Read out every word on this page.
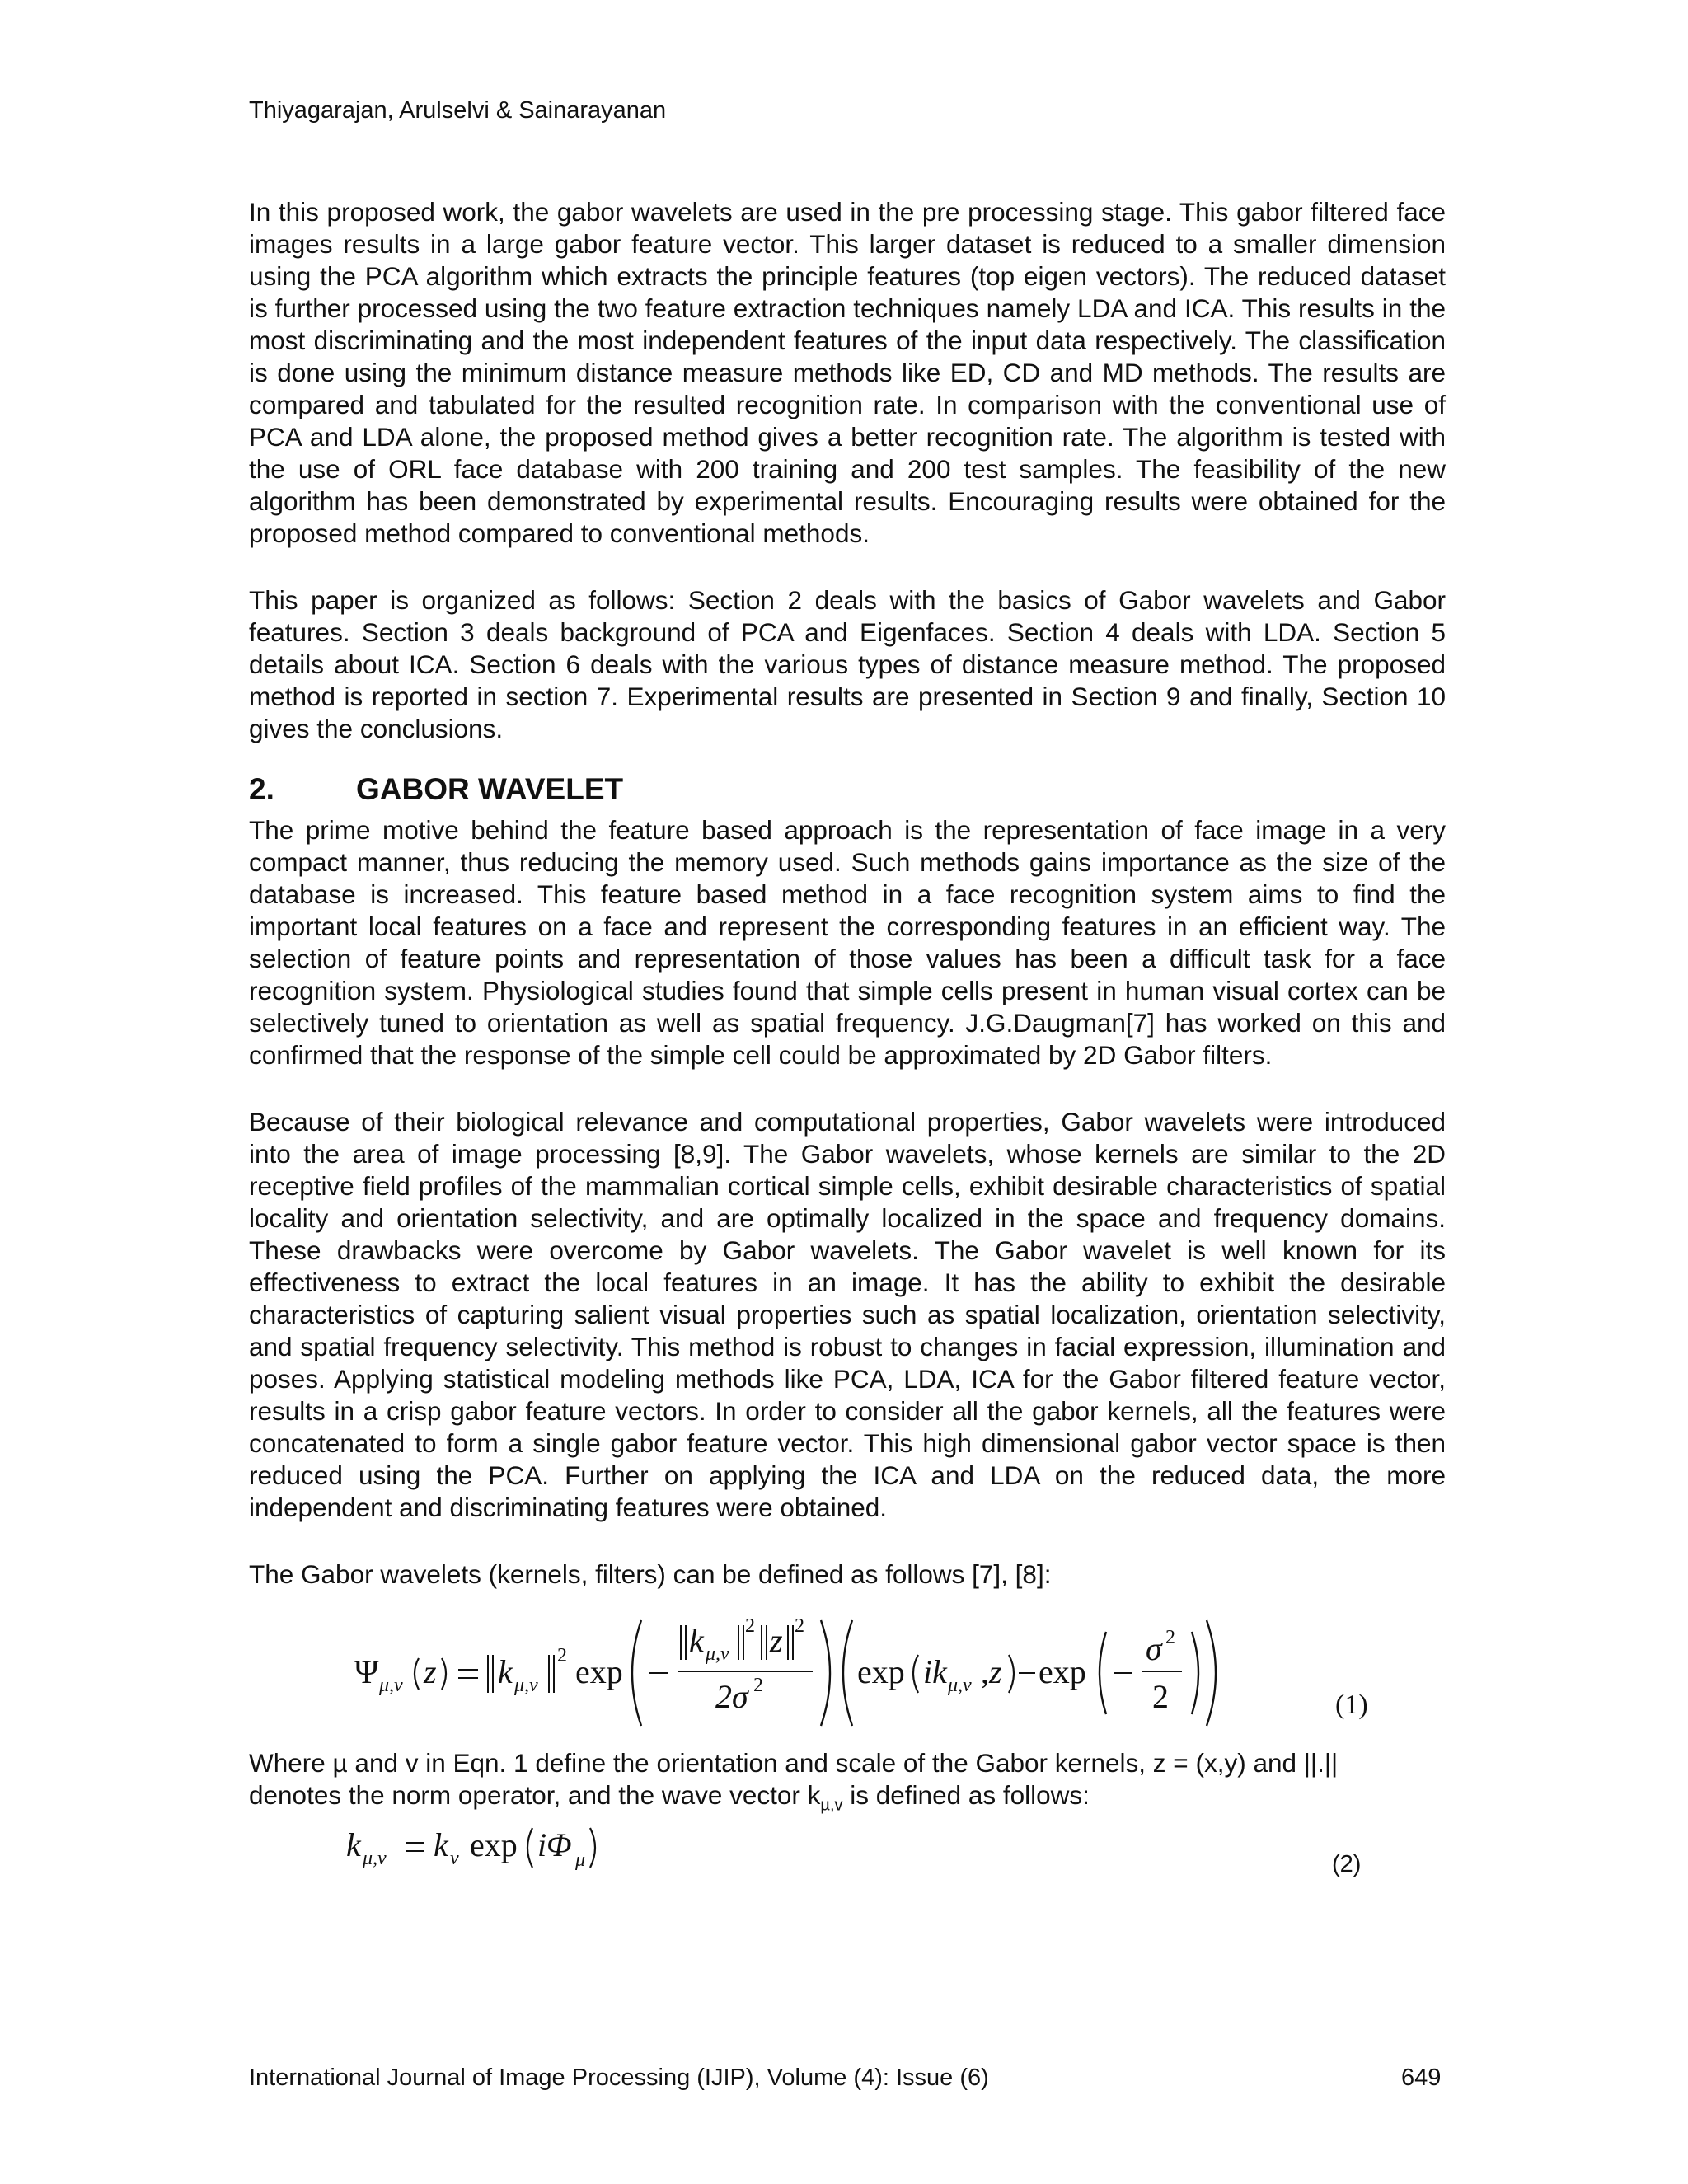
Thiyagarajan, Arulselvi & Sainarayanan

In this proposed work, the gabor wavelets are used in the pre processing stage. This gabor filtered face images results in a large gabor feature vector. This larger dataset is reduced to a smaller dimension using the PCA algorithm which extracts the principle features (top eigen vectors). The reduced dataset is further processed using the two feature extraction techniques namely LDA and ICA. This results in the most discriminating and the most independent features of the input data respectively. The classification is done using the minimum distance measure methods like ED, CD and MD methods. The results are compared and tabulated for the resulted recognition rate. In comparison with the conventional use of PCA and LDA alone, the proposed method gives a better recognition rate. The algorithm is tested with the use of ORL face database with 200 training and 200 test samples. The feasibility of the new algorithm has been demonstrated by experimental results. Encouraging results were obtained for the proposed method compared to conventional methods.

This paper is organized as follows: Section 2 deals with the basics of Gabor wavelets and Gabor features. Section 3 deals background of PCA and Eigenfaces. Section 4 deals with LDA. Section 5 details about ICA. Section 6 deals with the various types of distance measure method. The proposed method is reported in section 7. Experimental results are presented in Section 9 and finally, Section 10 gives the conclusions.

2.	GABOR WAVELET

The prime motive behind the feature based approach is the representation of face image in a very compact manner, thus reducing the memory used. Such methods gains importance as the size of the database is increased. This feature based method in a face recognition system aims to find the important local features on a face and represent the corresponding features in an efficient way. The selection of feature points and representation of those values has been a difficult task for a face recognition system. Physiological studies found that simple cells present in human visual cortex can be selectively tuned to orientation as well as spatial frequency. J.G.Daugman[7] has worked on this and confirmed that the response of the simple cell could be approximated by 2D Gabor filters.

Because of their biological relevance and computational properties, Gabor wavelets were introduced into the area of image processing [8,9]. The Gabor wavelets, whose kernels are similar to the 2D receptive field profiles of the mammalian cortical simple cells, exhibit desirable characteristics of spatial locality and orientation selectivity, and are optimally localized in the space and frequency domains. These drawbacks were overcome by Gabor wavelets. The Gabor wavelet is well known for its effectiveness to extract the local features in an image. It has the ability to exhibit the desirable characteristics of capturing salient visual properties such as spatial localization, orientation selectivity, and spatial frequency selectivity. This method is robust to changes in facial expression, illumination and poses. Applying statistical modeling methods like PCA, LDA, ICA for the Gabor filtered feature vector, results in a crisp gabor feature vectors. In order to consider all the gabor kernels, all the features were concatenated to form a single gabor feature vector. This high dimensional gabor vector space is then reduced using the PCA. Further on applying the ICA and LDA on the reduced data, the more independent and discriminating features were obtained.

The Gabor wavelets (kernels, filters) can be defined as follows [7], [8]:

Ψ μ,ν z k μ,ν
2 exp
k μ,ν
2 z 2
2σ 2	exp ik μ,ν , z exp
σ 2
2	(1)

Where µ and v in Eqn. 1 define the orientation and scale of the Gabor kernels, z = (x,y) and ||.||
denotes the norm operator, and the wave vector $k_{\mu,v}$ is defined as follows:

k μ,ν k ν exp iΦ μ	(2)
International Journal of Image Processing (IJIP), Volume (4): Issue (6)	649
